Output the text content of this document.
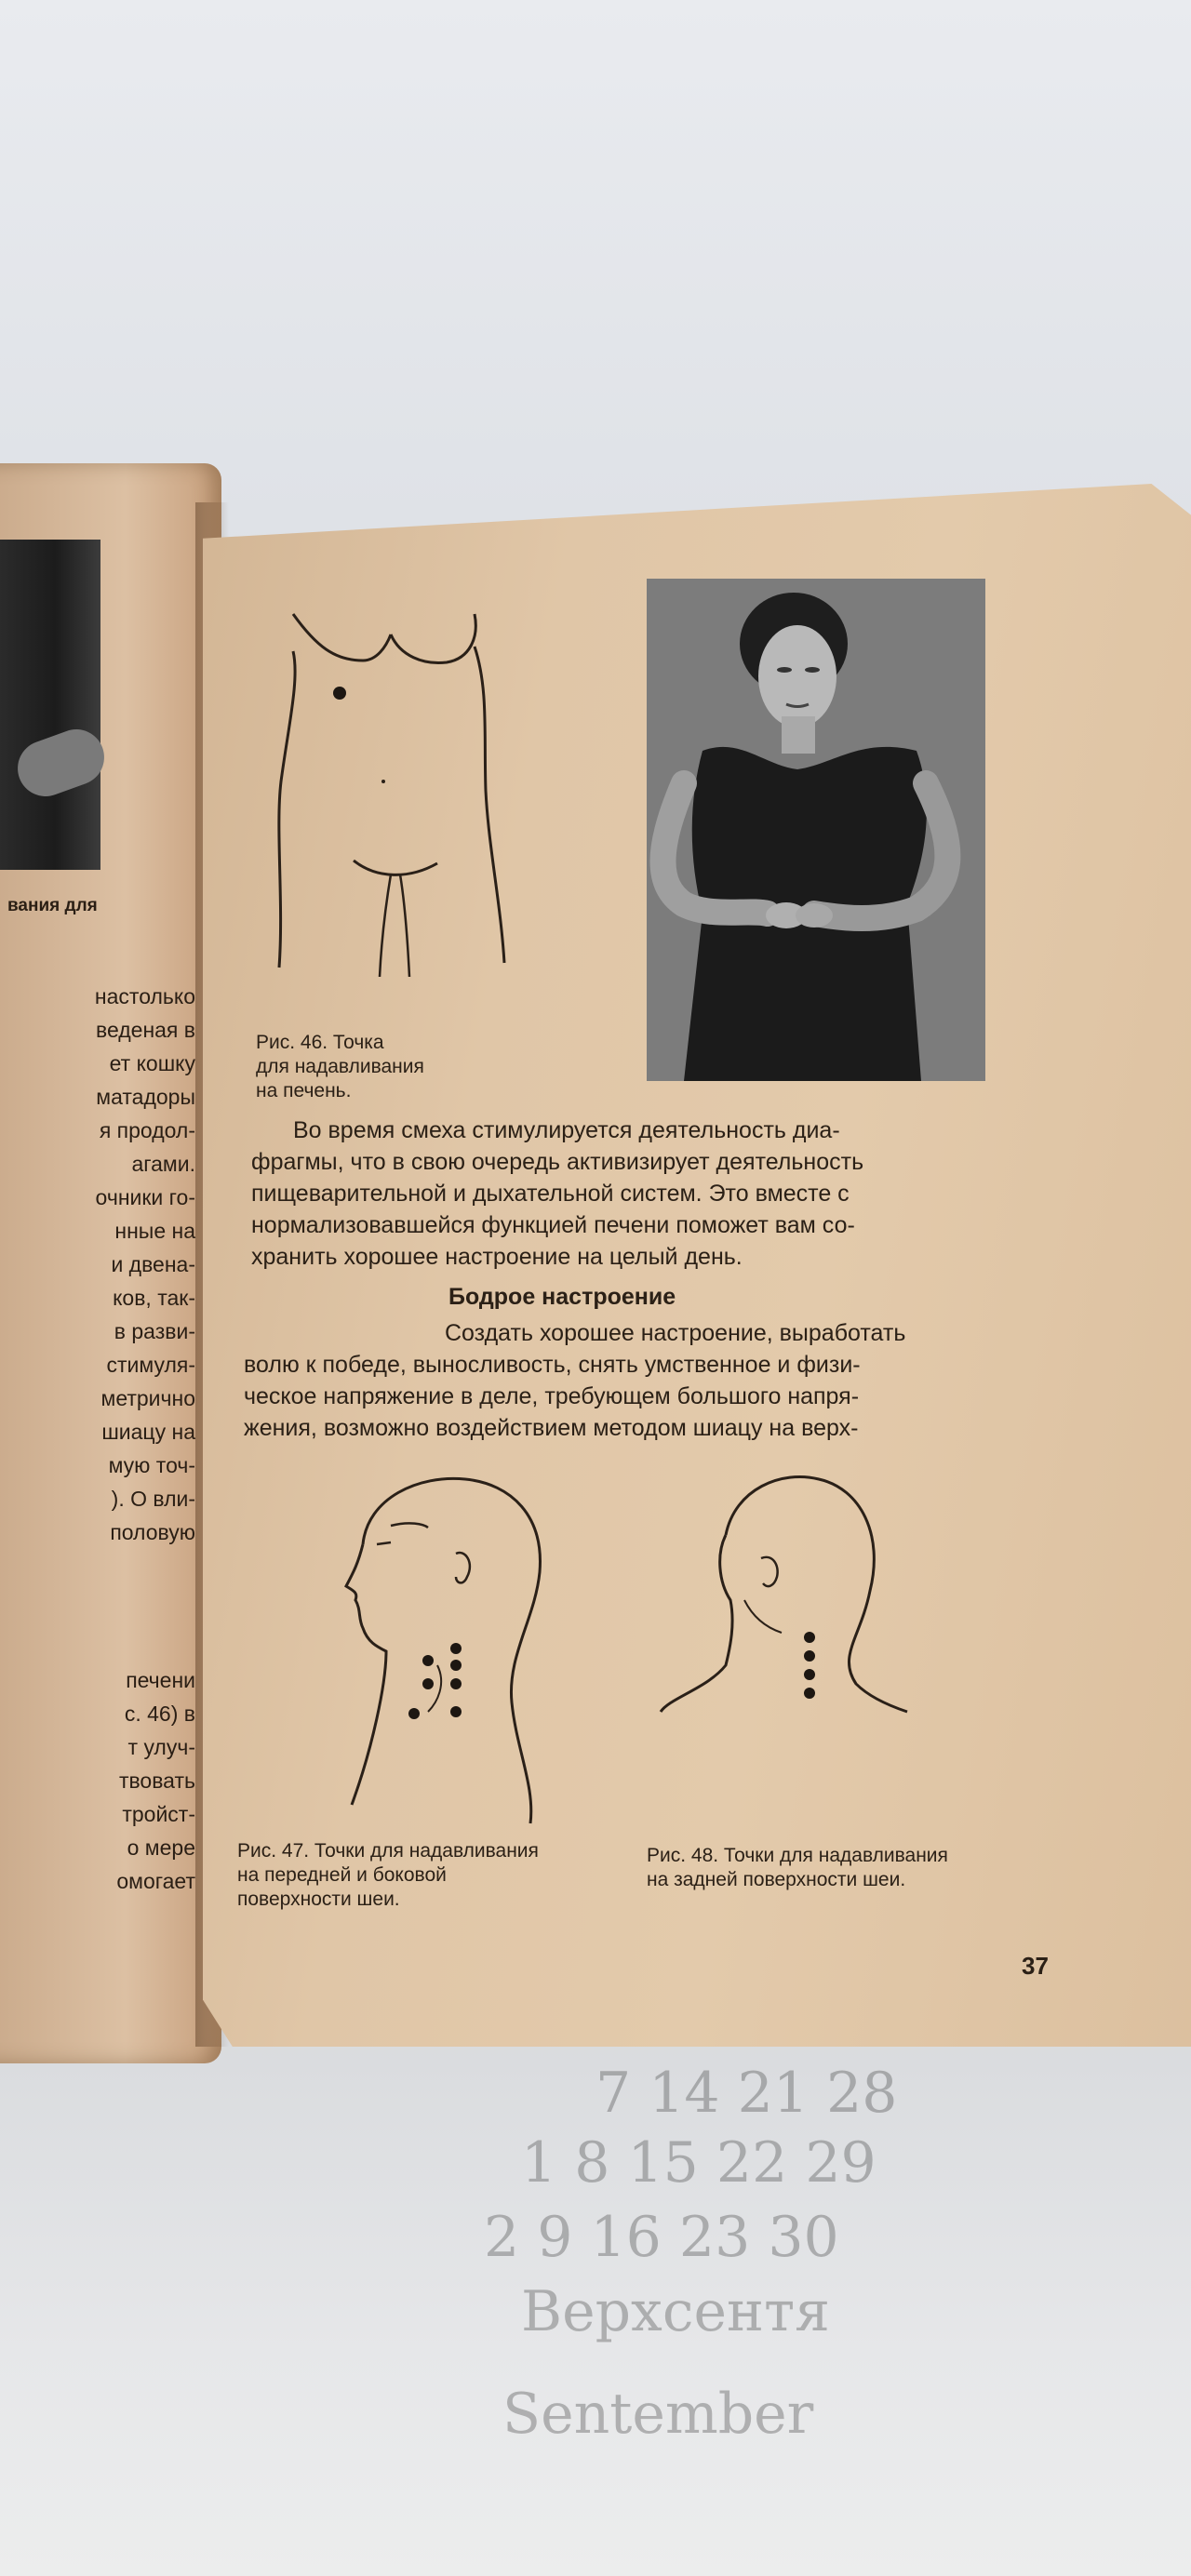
7 14 21 28
1 8 15 22 29
2 9 16 23 30
Верхсентя
Sentember
вания для
настолько
веденая в
ет кошку
матадоры
я продол-
агами.
очники го-
нные на
и двена-
ков, так-
в разви-
стимуля-
метрично
шиацу на
мую точ-
). О вли-
половую
печени
с. 46) в
т улуч-
твовать
тройст-
о мере
омогает
Рис. 46. Точка
для надавливания
на печень.
Во время смеха стимулируется деятельность диа-
фрагмы, что в свою очередь активизирует деятельность
пищеварительной и дыхательной систем. Это вместе с
нормализовавшейся функцией печени поможет вам со-
хранить хорошее настроение на целый день.
Бодрое настроение
Создать хорошее настроение, выработать
волю к победе, выносливость, снять умственное и физи-
ческое напряжение в деле, требующем большого напря-
жения, возможно воздействием методом шиацу на верх-
Рис. 47. Точки для надавливания
на передней и боковой
поверхности шеи.
Рис. 48. Точки для надавливания
на задней поверхности шеи.
37
